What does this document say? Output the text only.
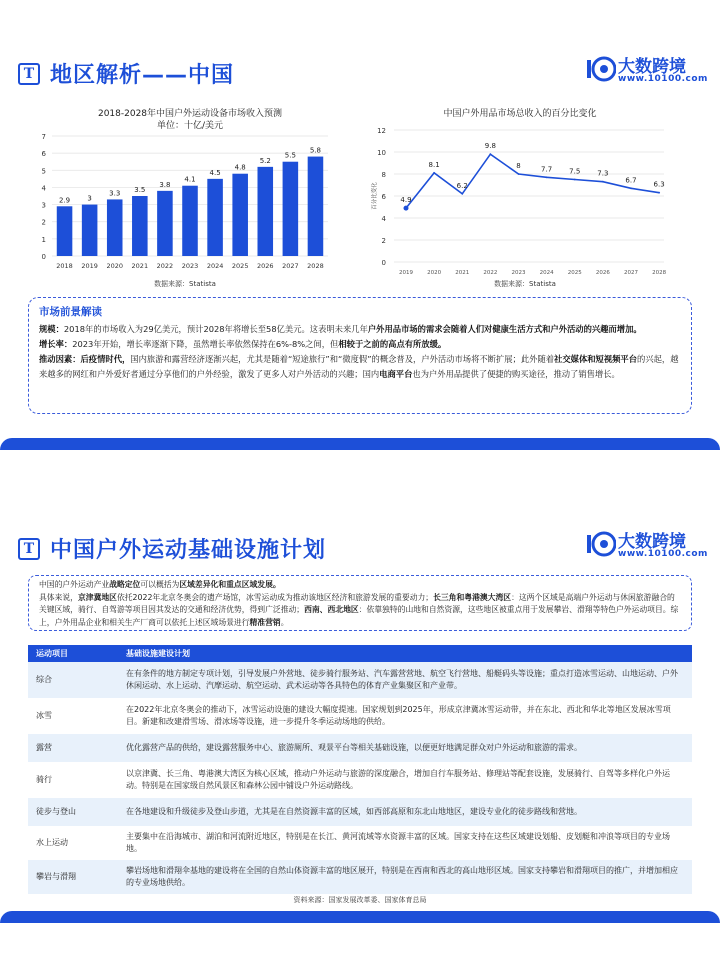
T 地区解析——中国	大数跨境
www.10100.com
2018-2028年中国户外运动设备市场收入预测
单位：十亿/美元
0
1
2
3
4
5
6
7
2.9
2018
3
2019
3.3
2020
3.5
2021
3.8
2022
4.1
2023
4.5
2024
4.8
2025
5.2
2026
5.5
2027
5.8
2028
数据来源：Statista
中国户外用品市场总收入的百分比变化
0
2
4
6
8
10
12
百分比变化	4.9
2019
8.1
2020
6.2
2021
9.8
2022
8
2023
7.7
2024
7.5
2025
7.3
2026
6.7
2027
6.3
2028
数据来源：Statista
市场前景解读

规模：2018年的市场收入为29亿美元，预计2028年将增长至58亿美元。这表明未来几年户外用品市场的需求会随着人们对健康生活方式和户外活动的兴趣而增加。

增长率：2023年开始，增长率逐渐下降，虽然增长率依然保持在6%-8%之间，但相较于之前的高点有所放缓。

推动因素：后疫情时代，国内旅游和露营经济逐渐兴起，尤其是随着“短途旅行”和“微度假”的概念普及，户外活动市场将不断扩展；此外随着社交媒体和短视频平台的兴起，越来越多的网红和户外爱好者通过分享他们的户外经验，激发了更多人对户外活动的兴趣；国内电商平台也为户外用品提供了便捷的购买途径，推动了销售增长。

T 中国户外运动基础设施计划	大数跨境
www.10100.com

中国的户外运动产业战略定位可以概括为区域差异化和重点区域发展。

具体来说，京津冀地区依托2022年北京冬奥会的遗产场馆，冰雪运动成为推动该地区经济和旅游发展的重要动力；长三角和粤港澳大湾区：这两个区域是高端户外运动与休闲旅游融合的关键区域，骑行、自驾游等项目因其发达的交通和经济优势，得到广泛推动；西南、西北地区：依靠独特的山地和自然资源，这些地区被重点用于发展攀岩、滑翔等特色户外运动项目。综上，户外用品企业和相关生产厂商可以依托上述区域场景进行精准营销。

运动项目	基础设施建设计划
综合	在有条件的地方制定专项计划，引导发展户外营地、徒步骑行服务站、汽车露营营地、航空飞行营地、船艇码头等设施；重点打造冰雪运动、山地运动、户外休闲运动、水上运动、汽摩运动、航空运动、武术运动等各具特色的体育产业集聚区和产业带。
冰雪	在2022年北京冬奥会的推动下，冰雪运动设施的建设大幅度提速。国家规划到2025年，形成京津冀冰雪运动带，并在东北、西北和华北等地区发展冰雪项目。新建和改建滑雪场、滑冰场等设施，进一步提升冬季运动场地的供给。
露营	优化露营产品的供给，建设露营服务中心、旅游厕所、观景平台等相关基础设施，以便更好地满足群众对户外运动和旅游的需求。
骑行	以京津冀、长三角、粤港澳大湾区为核心区域，推动户外运动与旅游的深度融合，增加自行车服务站、修理站等配套设施，发展骑行、自驾等多样化户外运动。特别是在国家级自然风景区和森林公园中铺设户外运动路线。
徒步与登山	在各地建设和升级徒步及登山步道，尤其是在自然资源丰富的区域，如西部高原和东北山地地区，建设专业化的徒步路线和营地。
水上运动	主要集中在沿海城市、湖泊和河流附近地区，特别是在长江、黄河流域等水资源丰富的区域。国家支持在这些区域建设划船、皮划艇和冲浪等项目的专业场地。
攀岩与滑翔	攀岩场地和滑翔伞基地的建设将在全国的自然山体资源丰富的地区展开，特别是在西南和西北的高山地形区域。国家支持攀岩和滑翔项目的推广，并增加相应的专业场地供给。
资料来源：国家发展改革委、国家体育总局
